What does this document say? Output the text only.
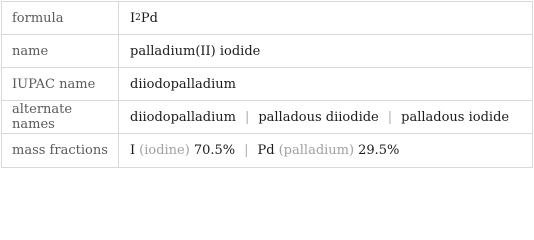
formula	I 2 Pd
name	palladium(II) iodide
IUPAC name	diiodopalladium
alternate names	diiodopalladium | palladous diiodide | palladous iodide
mass fractions	I (iodine) 70.5% | Pd (palladium) 29.5%
